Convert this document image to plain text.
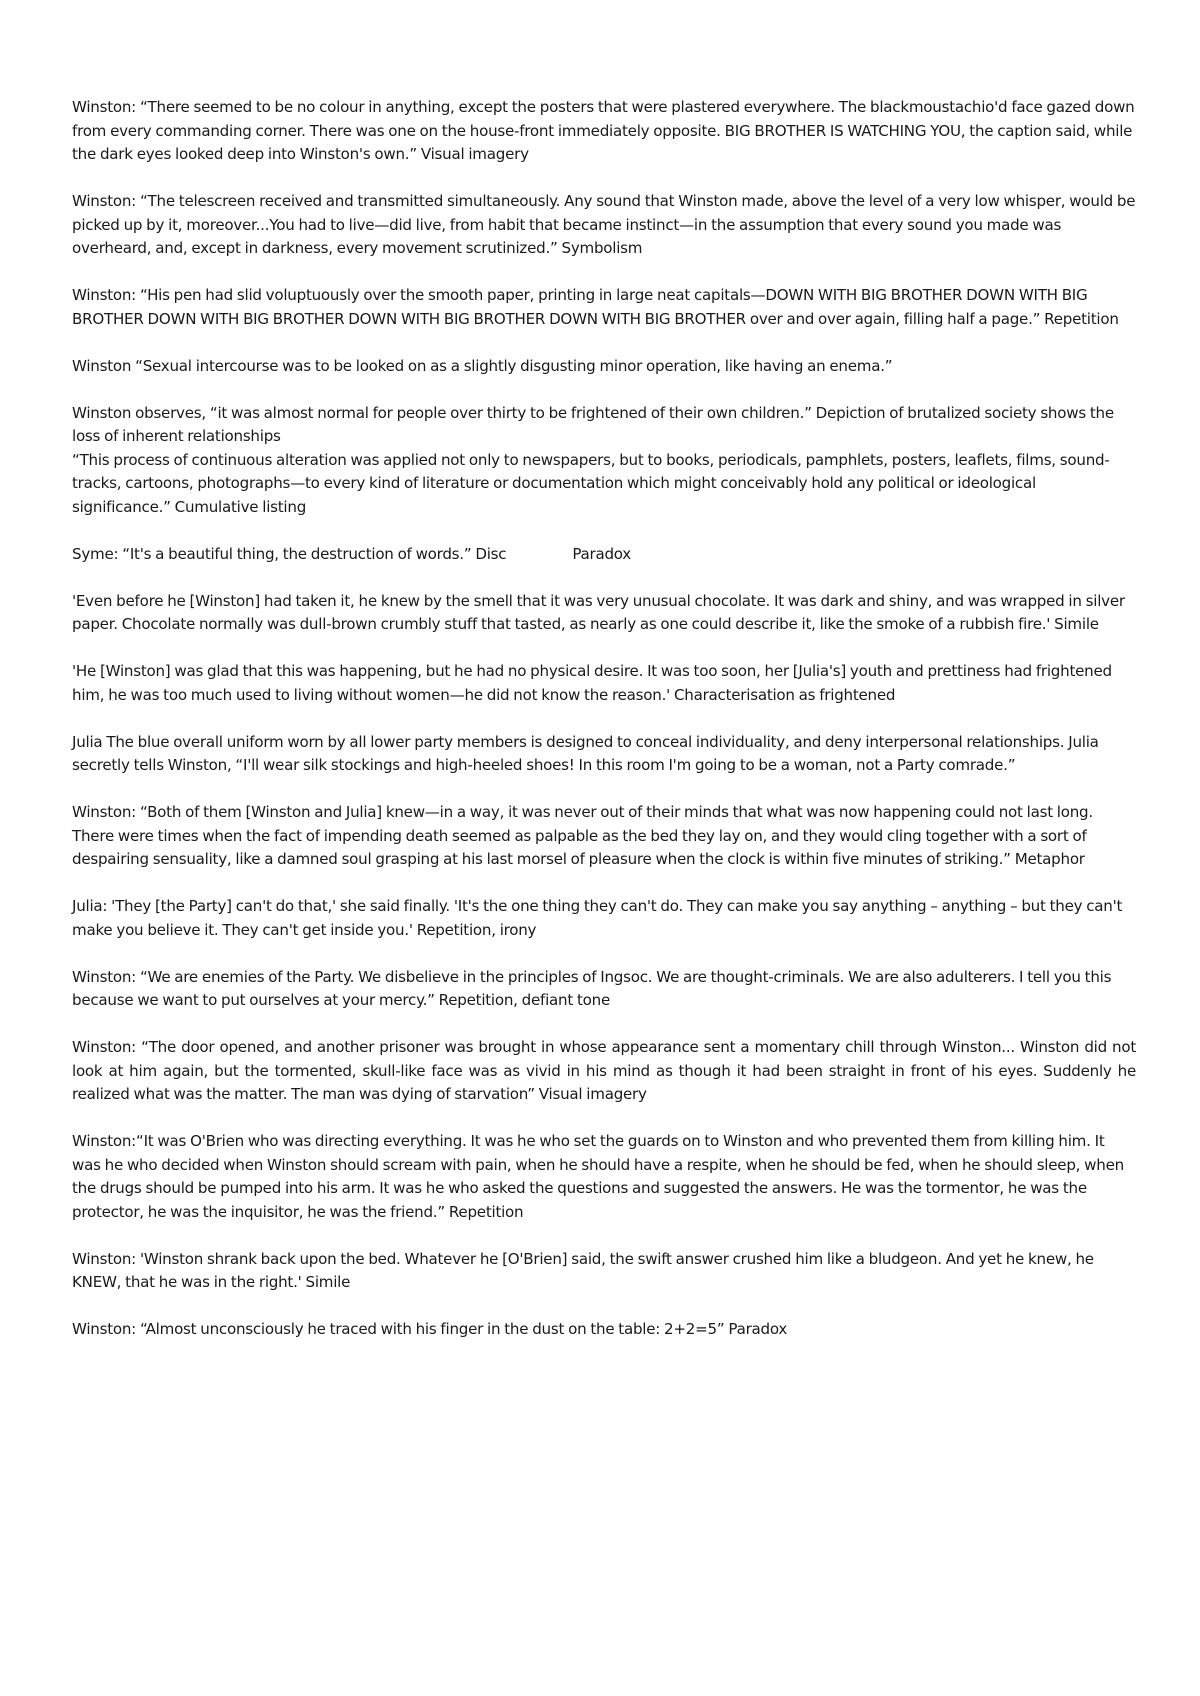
Winston: “There seemed to be no colour in anything, except the posters that were plastered everywhere. The blackmoustachio'd face gazed down from every commanding corner. There was one on the house-front immediately opposite. BIG BROTHER IS WATCHING YOU, the caption said, while the dark eyes looked deep into Winston's own.” Visual imagery

Winston: “The telescreen received and transmitted simultaneously. Any sound that Winston made, above the level of a very low whisper, would be picked up by it, moreover...You had to live—did live, from habit that became instinct—in the assumption that every sound you made was overheard, and, except in darkness, every movement scrutinized.” Symbolism

Winston: “His pen had slid voluptuously over the smooth paper, printing in large neat capitals—DOWN WITH BIG BROTHER DOWN WITH BIG BROTHER DOWN WITH BIG BROTHER DOWN WITH BIG BROTHER DOWN WITH BIG BROTHER over and over again, filling half a page.” Repetition

Winston “Sexual intercourse was to be looked on as a slightly disgusting minor operation, like having an enema.”

Winston observes, “it was almost normal for people over thirty to be frightened of their own children.” Depiction of brutalized society shows the loss of inherent relationships

“This process of continuous alteration was applied not only to newspapers, but to books, periodicals, pamphlets, posters, leaflets, films, sound-tracks, cartoons, photographs—to every kind of literature or documentation which might conceivably hold any political or ideological significance.” Cumulative listing

Syme: “It's a beautiful thing, the destruction of words.” Disc	Paradox

'Even before he [Winston] had taken it, he knew by the smell that it was very unusual chocolate. It was dark and shiny, and was wrapped in silver paper. Chocolate normally was dull-brown crumbly stuff that tasted, as nearly as one could describe it, like the smoke of a rubbish fire.' Simile

'He [Winston] was glad that this was happening, but he had no physical desire. It was too soon, her [Julia's] youth and prettiness had frightened him, he was too much used to living without women—he did not know the reason.' Characterisation as frightened

Julia The blue overall uniform worn by all lower party members is designed to conceal individuality, and deny interpersonal relationships. Julia secretly tells Winston, “I'll wear silk stockings and high-heeled shoes! In this room I'm going to be a woman, not a Party comrade.”

Winston: “Both of them [Winston and Julia] knew—in a way, it was never out of their minds that what was now happening could not last long. There were times when the fact of impending death seemed as palpable as the bed they lay on, and they would cling together with a sort of despairing sensuality, like a damned soul grasping at his last morsel of pleasure when the clock is within five minutes of striking.” Metaphor

Julia: 'They [the Party] can't do that,' she said finally. 'It's the one thing they can't do. They can make you say anything – anything – but they can't make you believe it. They can't get inside you.' Repetition, irony

Winston: “We are enemies of the Party. We disbelieve in the principles of Ingsoc. We are thought-criminals. We are also adulterers. I tell you this because we want to put ourselves at your mercy.” Repetition, defiant tone

Winston: “The door opened, and another prisoner was brought in whose appearance sent a momentary chill through Winston... Winston did not look at him again, but the tormented, skull-like face was as vivid in his mind as though it had been straight in front of his eyes. Suddenly he realized what was the matter. The man was dying of starvation” Visual imagery

Winston:“It was O'Brien who was directing everything. It was he who set the guards on to Winston and who prevented them from killing him. It was he who decided when Winston should scream with pain, when he should have a respite, when he should be fed, when he should sleep, when the drugs should be pumped into his arm. It was he who asked the questions and suggested the answers. He was the tormentor, he was the protector, he was the inquisitor, he was the friend.” Repetition

Winston: 'Winston shrank back upon the bed. Whatever he [O'Brien] said, the swift answer crushed him like a bludgeon. And yet he knew, he KNEW, that he was in the right.' Simile

Winston: “Almost unconsciously he traced with his finger in the dust on the table: 2+2=5” Paradox
